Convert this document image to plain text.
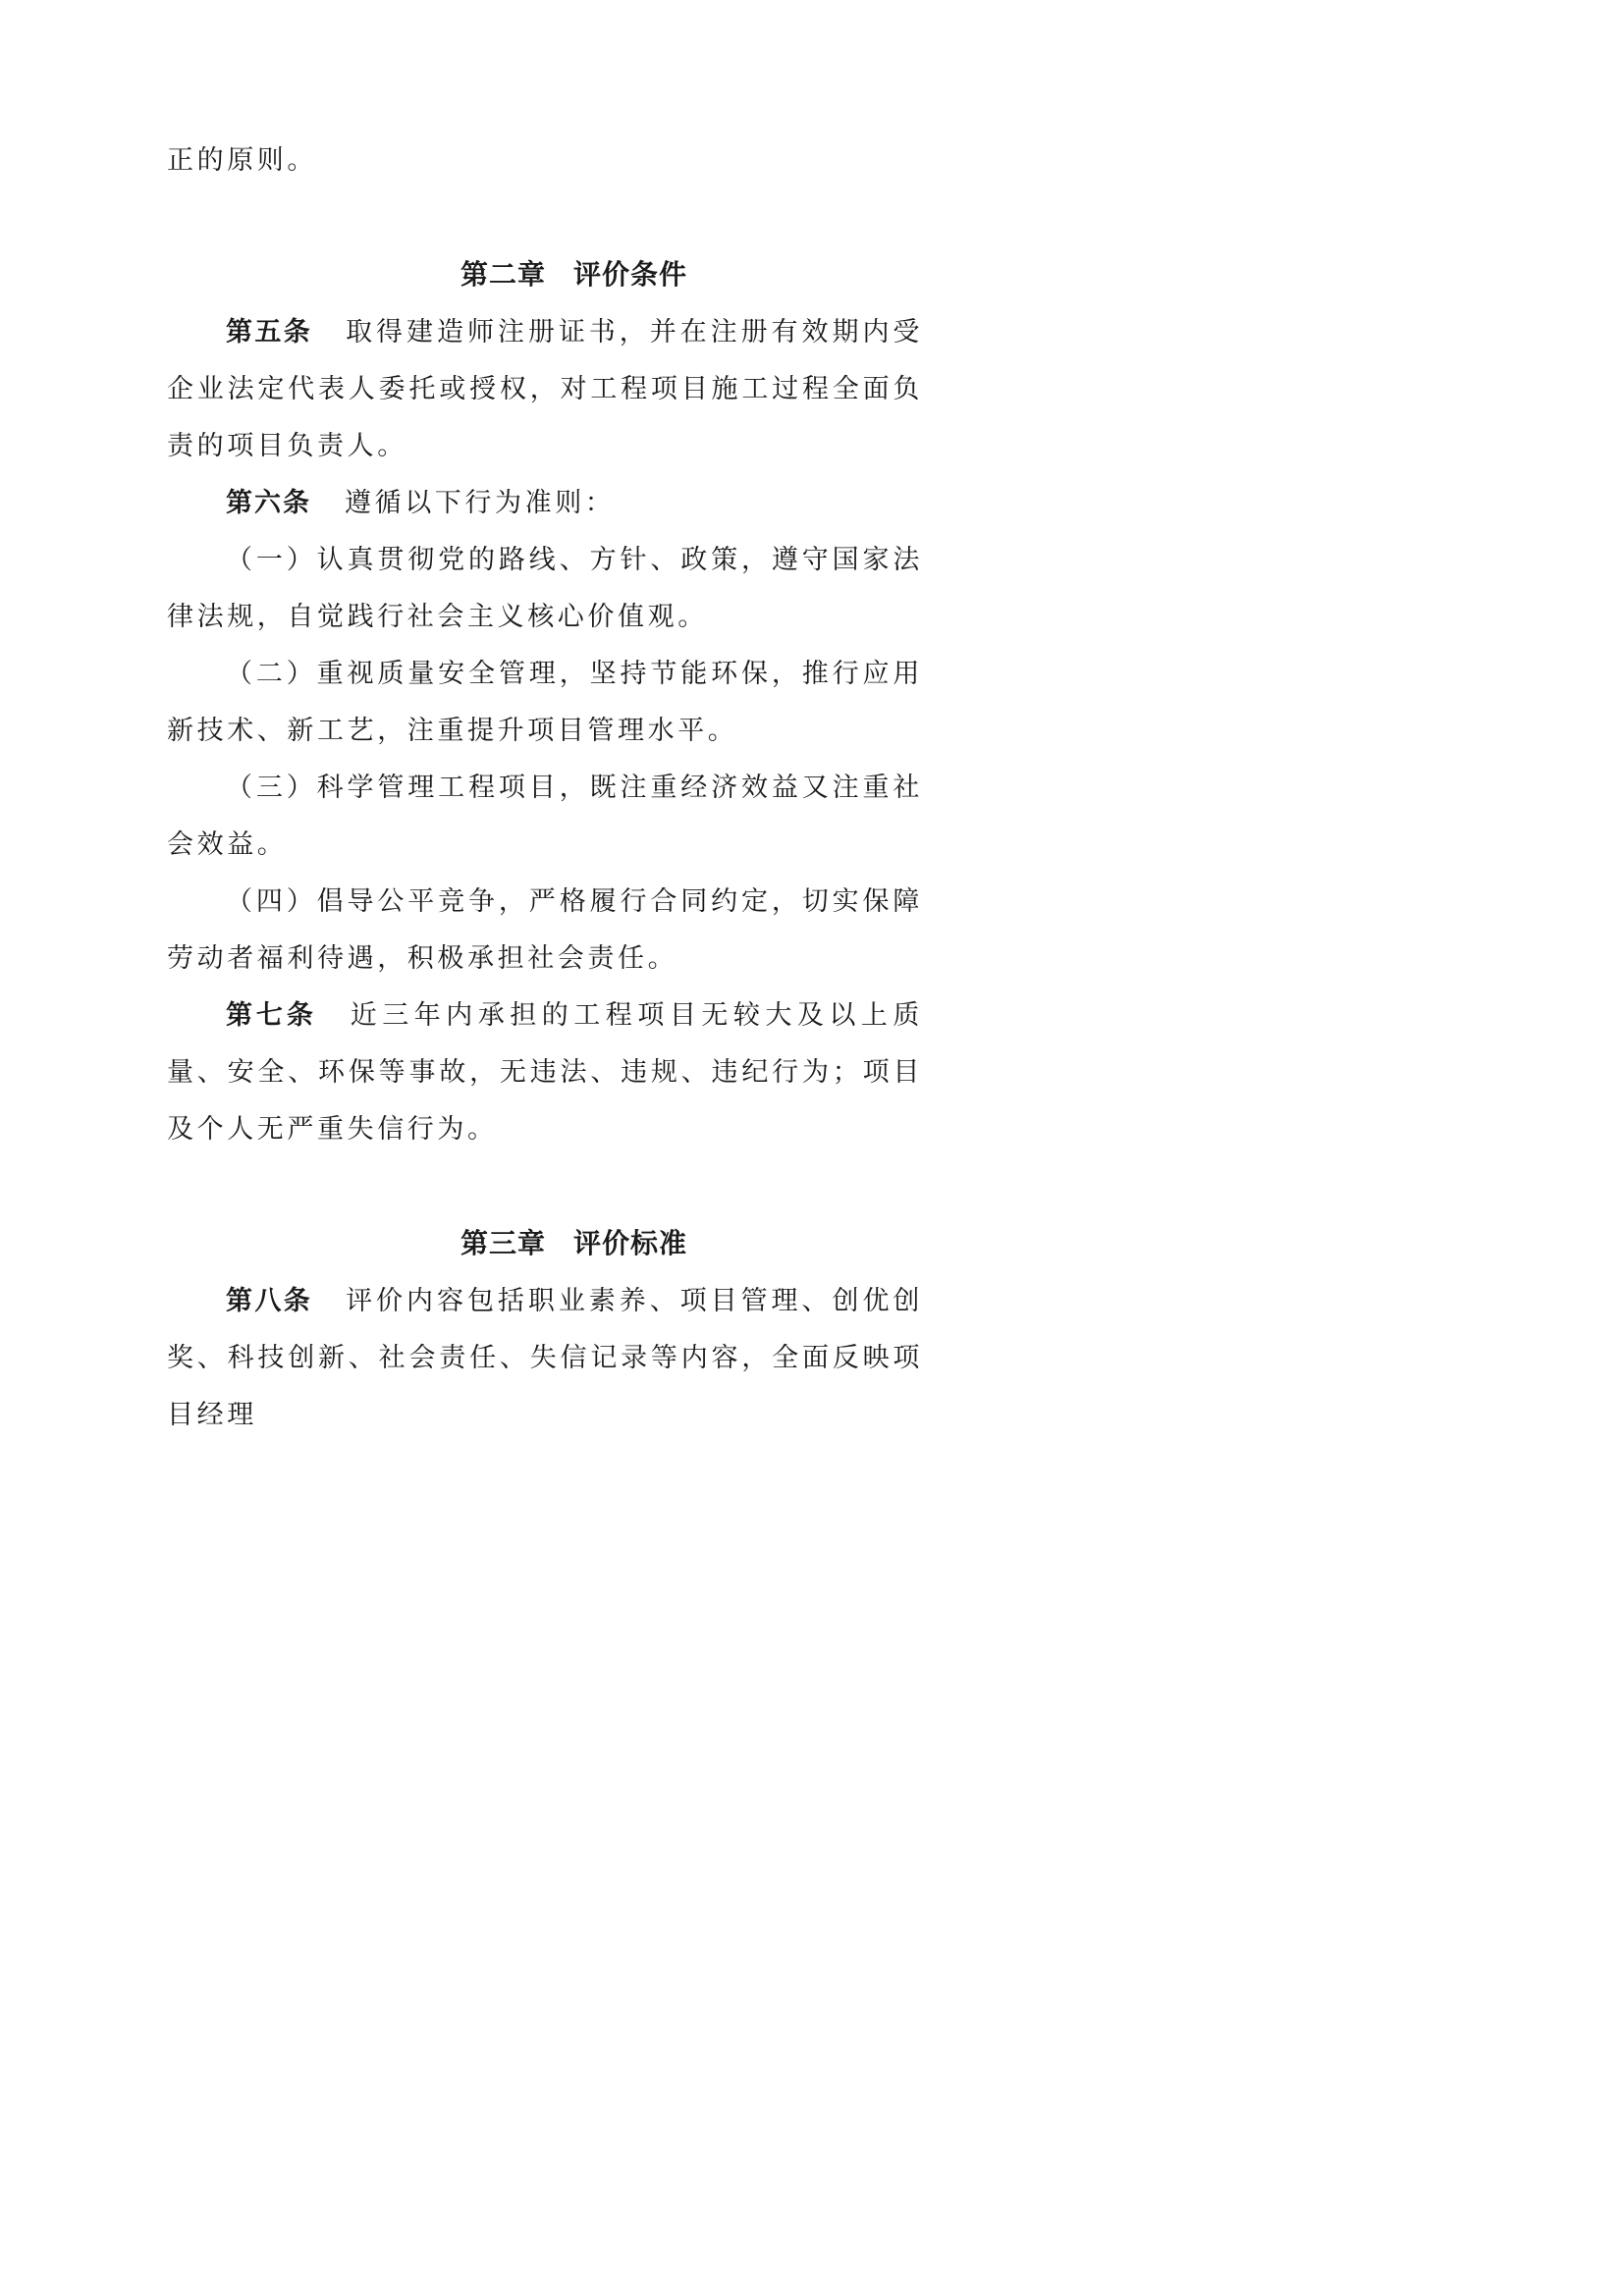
正的原则。

第二章 评价条件

第五条 取得建造师注册证书，并在注册有效期内受企业法定代表人委托或授权，对工程项目施工过程全面负责的项目负责人。

第六条 遵循以下行为准则：

（一）认真贯彻党的路线、方针、政策，遵守国家法律法规，自觉践行社会主义核心价值观。

（二）重视质量安全管理，坚持节能环保，推行应用新技术、新工艺，注重提升项目管理水平。

（三）科学管理工程项目，既注重经济效益又注重社会效益。

（四）倡导公平竞争，严格履行合同约定，切实保障劳动者福利待遇，积极承担社会责任。

第七条 近三年内承担的工程项目无较大及以上质量、安全、环保等事故，无违法、违规、违纪行为；项目及个人无严重失信行为。

第三章 评价标准

第八条 评价内容包括职业素养、项目管理、创优创奖、科技创新、社会责任、失信记录等内容，全面反映项目经理
